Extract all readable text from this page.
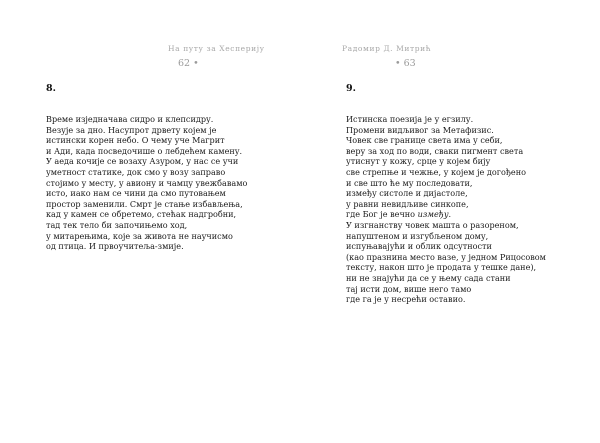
На путу за Хесперију
62 •
8.
Време изједначава сидро и клепсидру.
Везује за дно. Насупрот дрвету којем је
истински корен небо. О чему уче Магрит
и Ади, када посведочише о лебдећем камену.
У аеда кочије се возаху Азуром, у нас се учи
уметност статике, док смо у возу заправо
стојимо у месту, у авиону и чамцу увежбавамо
исто, иако нам се чини да смо путовањем
простор заменили. Смрт је стање избављења,
кад у камен се обретемо, стећак надгробни,
тад тек тело би започињемо ход,
у митарењима, које за живота не научисмо
од птица. И првоучитеља-змије.
Радомир Д. Митрић
• 63
9.
Истинска поезија је у егзилу.
Промени видљивог за Метафизис.
Човек све границе света има у себи,
веру за ход по води, сваки пигмент света
утиснут у кожу, срце у којем бију
све стрепње и чежње, у којем је догођено
и све што ће му последовати,
између систоле и дијастоле,
у равни невидљиве синкопе,
где Бог је вечно између.
У изгнанству човек машта о разореном,
напуштеном и изгубљеном дому,
испуњавајући и облик одсутности
(као празнина место вазе, у једном Рицосовом
тексту, након што је продата у тешке дане),
ни не знајући да се у њему сада стани
тај исти дом, више него тамо
где га је у несрећи оставио.
